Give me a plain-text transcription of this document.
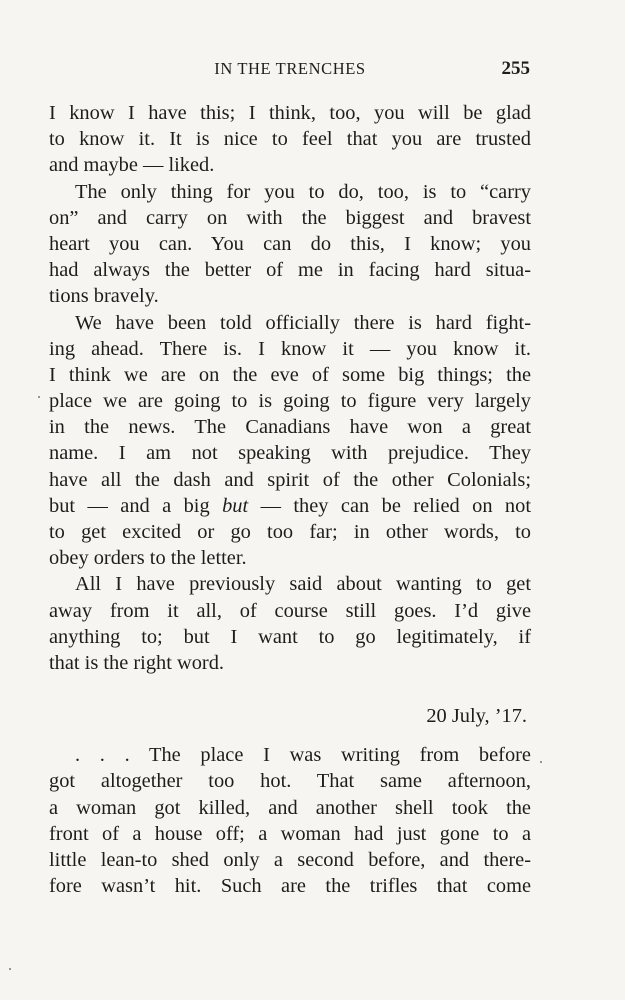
IN THE TRENCHES	255
I know I have this; I think, too, you will be glad
to know it. It is nice to feel that you are trusted
and maybe — liked.
The only thing for you to do, too, is to “carry
on” and carry on with the biggest and bravest
heart you can. You can do this, I know; you
had always the better of me in facing hard situa-
tions bravely.
We have been told officially there is hard fight-
ing ahead. There is. I know it — you know it.
I think we are on the eve of some big things; the
place we are going to is going to figure very largely
in the news. The Canadians have won a great
name. I am not speaking with prejudice. They
have all the dash and spirit of the other Colonials;
but — and a big but — they can be relied on not
to get excited or go too far; in other words, to
obey orders to the letter.
All I have previously said about wanting to get
away from it all, of course still goes. I’d give
anything to; but I want to go legitimately, if
that is the right word.
20 July, ’17.
. . . The place I was writing from before
got altogether too hot. That same afternoon,
a woman got killed, and another shell took the
front of a house off; a woman had just gone to a
little lean-to shed only a second before, and there-
fore wasn’t hit. Such are the trifles that come
